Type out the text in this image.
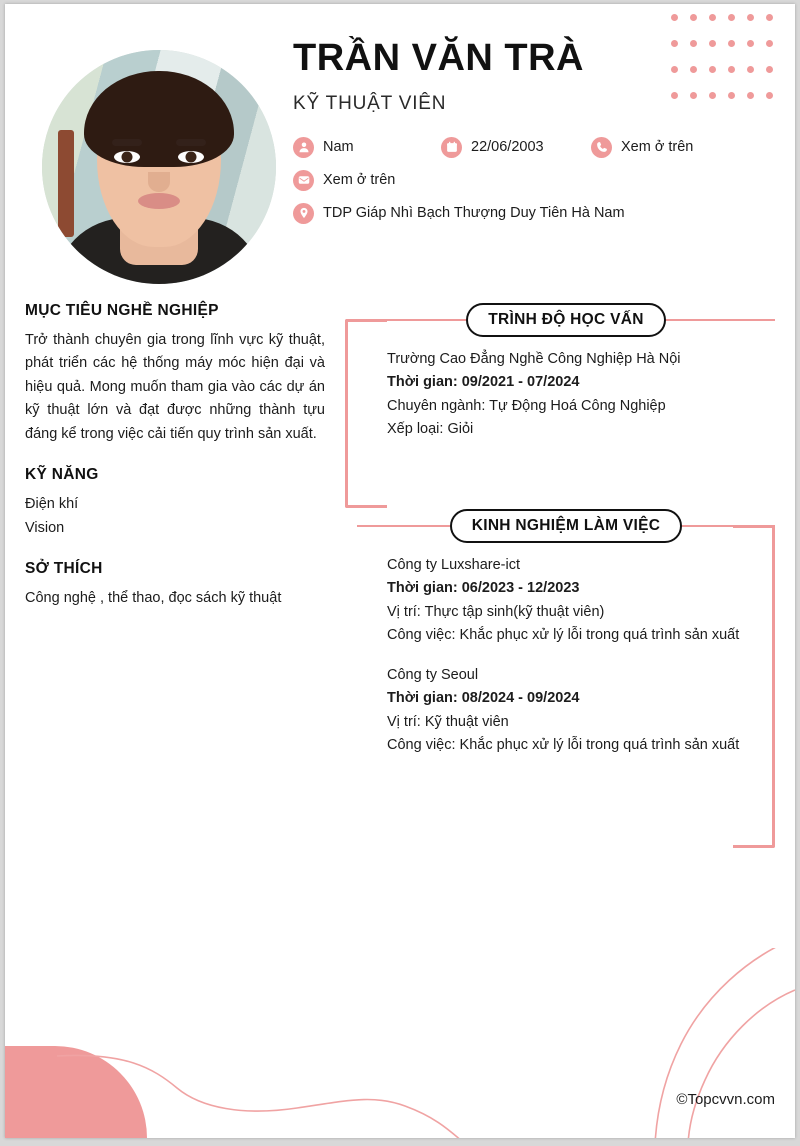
TRẦN VĂN TRÀ
KỸ THUẬT VIÊN
Nam	22/06/2003	Xem ở trên
Xem ở trên
TDP Giáp Nhì Bạch Thượng Duy Tiên Hà Nam
MỤC TIÊU NGHỀ NGHIỆP
Trở thành chuyên gia trong lĩnh vực kỹ thuật, phát triển các hệ thống máy móc hiện đại và hiệu quả. Mong muốn tham gia vào các dự án kỹ thuật lớn và đạt được những thành tựu đáng kể trong việc cải tiến quy trình sản xuất.
KỸ NĂNG
Điện khí
Vision
SỞ THÍCH
Công nghệ , thể thao, đọc sách kỹ thuật
TRÌNH ĐỘ HỌC VẤN
Trường Cao Đẳng Nghề Công Nghiệp Hà Nội
Thời gian: 09/2021 - 07/2024
Chuyên ngành: Tự Động Hoá Công Nghiệp
Xếp loại: Giỏi
KINH NGHIỆM LÀM VIỆC
Công ty Luxshare-ict
Thời gian: 06/2023 - 12/2023
Vị trí: Thực tập sinh(kỹ thuật viên)
Công việc: Khắc phục xử lý lỗi trong quá trình sản xuất
Công ty Seoul
Thời gian: 08/2024 - 09/2024
Vị trí: Kỹ thuật viên
Công việc: Khắc phục xử lý lỗi trong quá trình sản xuất
©Topcvvn.com
